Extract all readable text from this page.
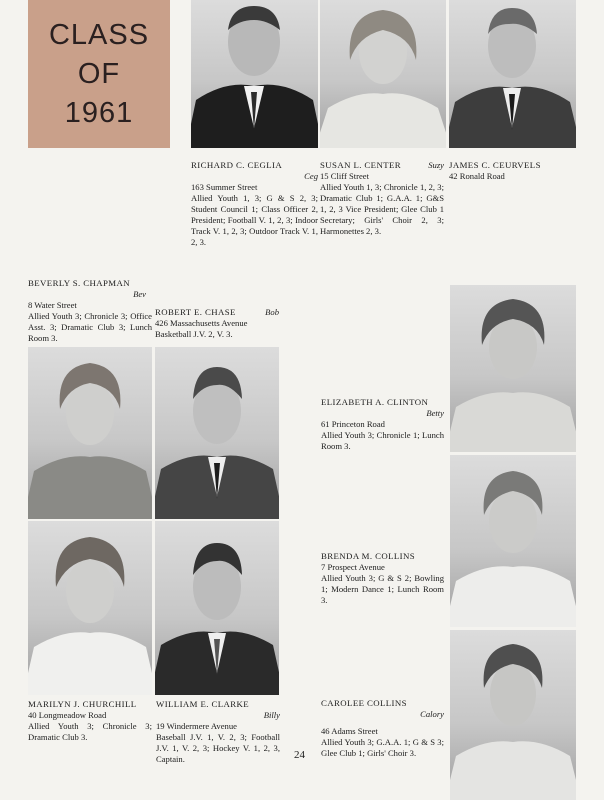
CLASS
OF
1961
RICHARD C. CEGLIA
Ceg
163 Summer Street
Allied Youth 1, 3; G & S 2, 3; Student Council 1; Class Officer 2, President; Football V. 1, 2, 3; Indoor Track V. 1, 2, 3; Outdoor Track V. 1, 2, 3.
SUSAN L. CENTER	Suzy
15 Cliff Street
Allied Youth 1, 3; Chronicle 1, 2, 3; Dramatic Club 1; G.A.A. 1; G&S 1, 2, 3 Vice President; Glee Club 1 Secretary; Girls' Choir 2, 3; Harmonettes 2, 3.
JAMES C. CEURVELS
42 Ronald Road
BEVERLY S. CHAPMAN
Bev
8 Water Street
Allied Youth 3; Chronicle 3; Office Asst. 3; Dramatic Club 3; Lunch Room 3.
ROBERT E. CHASE	Bob
426 Massachusetts Avenue
Basketball J.V. 2, V. 3.
ELIZABETH A. CLINTON
Betty
61 Princeton Road
Allied Youth 3; Chronicle 1; Lunch Room 3.
BRENDA M. COLLINS
7 Prospect Avenue
Allied Youth 3; G & S 2; Bowling 1; Modern Dance 1; Lunch Room 3.
MARILYN J. CHURCHILL
40 Longmeadow Road
Allied Youth 3; Chronicle 3; Dramatic Club 3.
WILLIAM E. CLARKE
Billy
19 Windermere Avenue
Baseball J.V. 1, V. 2, 3; Football J.V. 1, V. 2, 3; Hockey V. 1, 2, 3, Captain.
CAROLEE COLLINS
Calory
46 Adams Street
Allied Youth 3; G.A.A. 1; G & S 3; Glee Club 1; Girls' Choir 3.
24
